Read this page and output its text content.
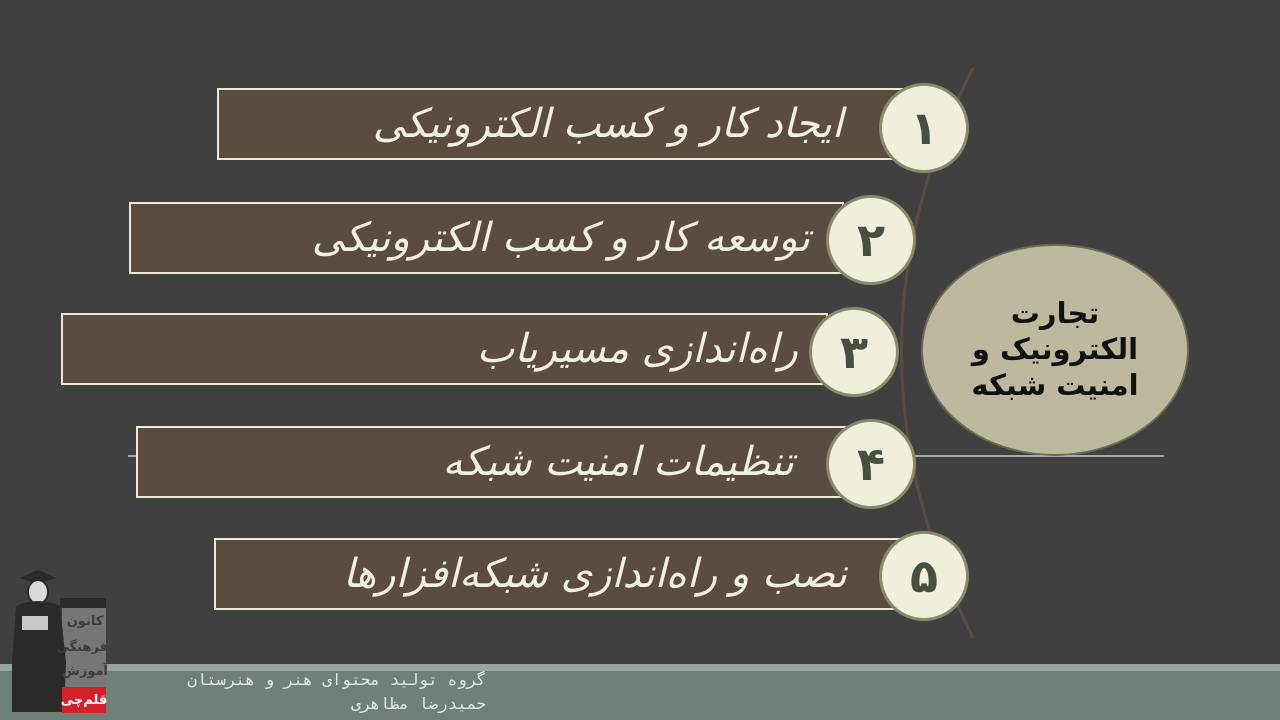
ایجاد کار و کسب الکترونیکی ۱
توسعه کار و کسب الکترونیکی ۲
راه‌اندازی مسیریاب ۳
تنظیمات امنیت شبکه ۴
نصب و راه‌اندازی شبکه‌افزارها ۵
تجارت
الکترونیک و
امنیت شبکه
گروه تولید محتوای هنر و هنرستان
حمیدرضا مظاهری
کانون
فرهنگی
آموزش
قلم‌چی
